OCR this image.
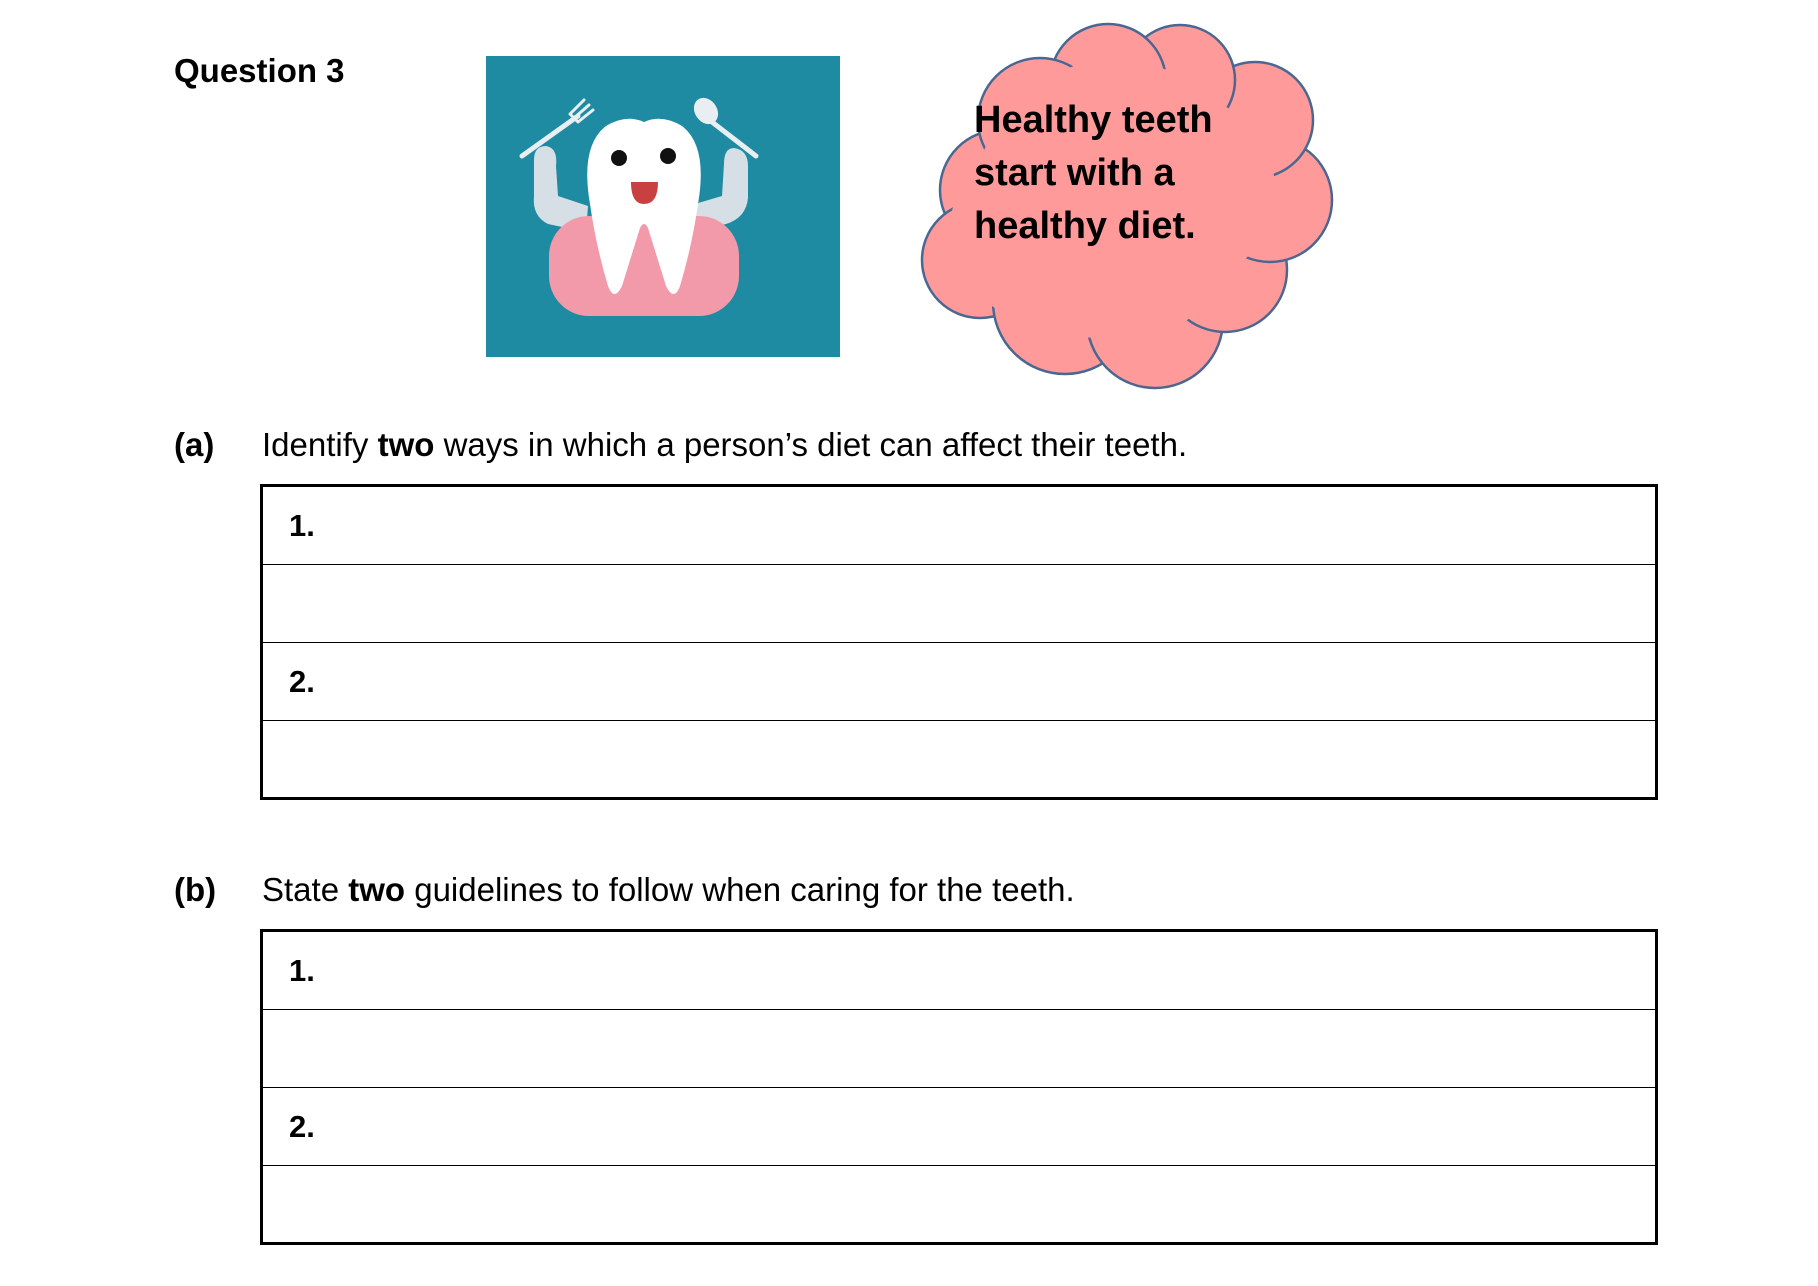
Question 3

Healthy teeth
start with a
healthy diet.

(a) Identify two ways in which a person’s diet can affect their teeth.

1.
2.

(b) State two guidelines to follow when caring for the teeth.

1.
2.
